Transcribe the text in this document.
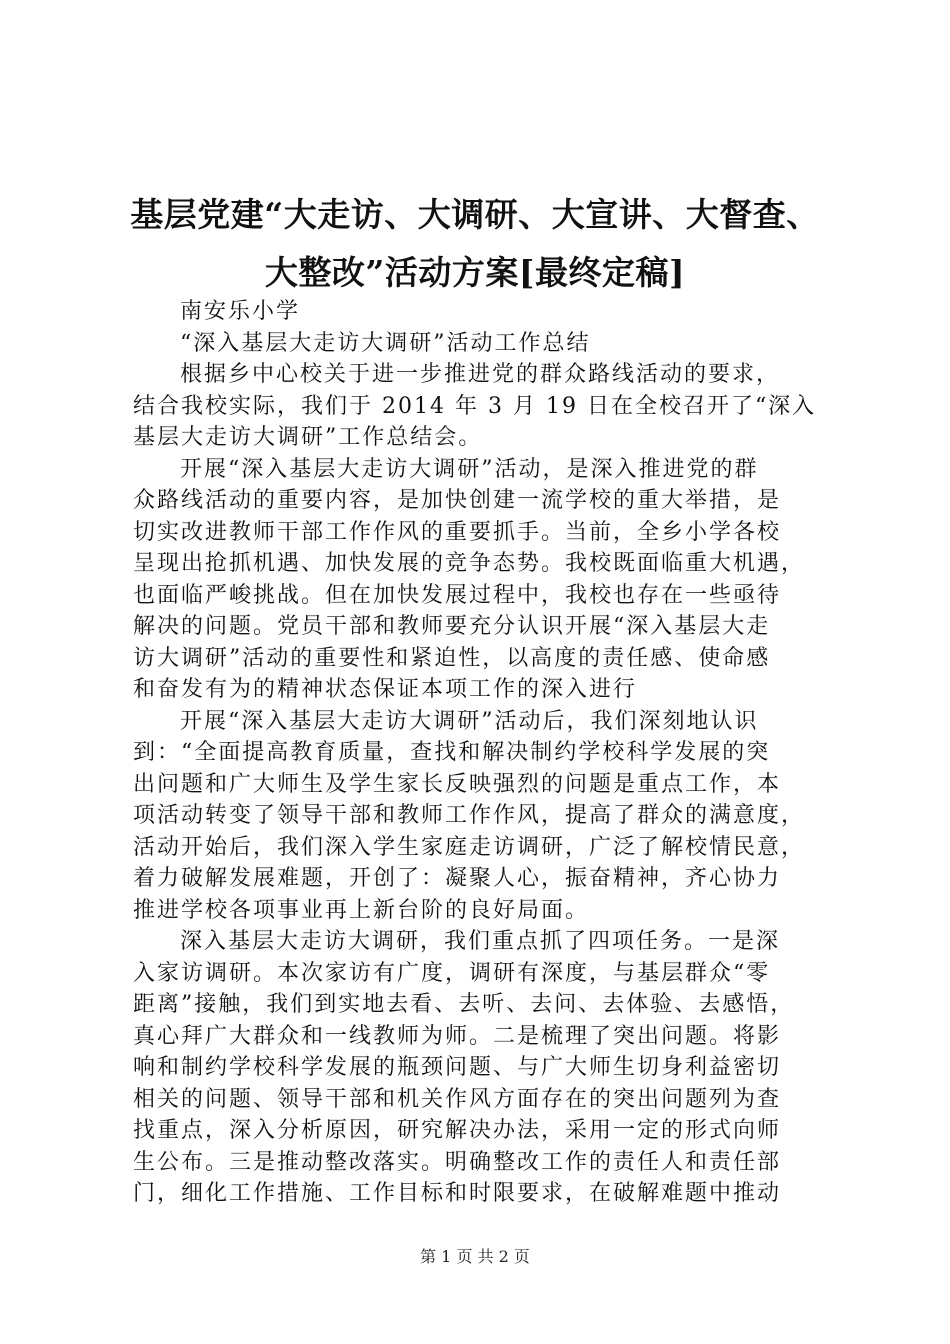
基层党建“大走访、大调研、大宣讲、大督查、
大整改”活动方案[最终定稿]
南安乐小学
“深入基层大走访大调研”活动工作总结
根据乡中心校关于进一步推进党的群众路线活动的要求，
结合我校实际，我们于 2014 年 3 月 19 日在全校召开了“深入
基层大走访大调研”工作总结会。
开展“深入基层大走访大调研”活动，是深入推进党的群
众路线活动的重要内容，是加快创建一流学校的重大举措，是
切实改进教师干部工作作风的重要抓手。当前，全乡小学各校
呈现出抢抓机遇、加快发展的竞争态势。我校既面临重大机遇，
也面临严峻挑战。但在加快发展过程中，我校也存在一些亟待
解决的问题。党员干部和教师要充分认识开展“深入基层大走
访大调研”活动的重要性和紧迫性，以高度的责任感、使命感
和奋发有为的精神状态保证本项工作的深入进行
开展“深入基层大走访大调研”活动后，我们深刻地认识
到：“全面提高教育质量，查找和解决制约学校科学发展的突
出问题和广大师生及学生家长反映强烈的问题是重点工作，本
项活动转变了领导干部和教师工作作风，提高了群众的满意度，
活动开始后，我们深入学生家庭走访调研，广泛了解校情民意，
着力破解发展难题，开创了：凝聚人心，振奋精神，齐心协力
推进学校各项事业再上新台阶的良好局面。
深入基层大走访大调研，我们重点抓了四项任务。一是深
入家访调研。本次家访有广度，调研有深度，与基层群众“零
距离”接触，我们到实地去看、去听、去问、去体验、去感悟，
真心拜广大群众和一线教师为师。二是梳理了突出问题。将影
响和制约学校科学发展的瓶颈问题、与广大师生切身利益密切
相关的问题、领导干部和机关作风方面存在的突出问题列为查
找重点，深入分析原因，研究解决办法，采用一定的形式向师
生公布。三是推动整改落实。明确整改工作的责任人和责任部
门，细化工作措施、工作目标和时限要求，在破解难题中推动
第 1 页 共 2 页
